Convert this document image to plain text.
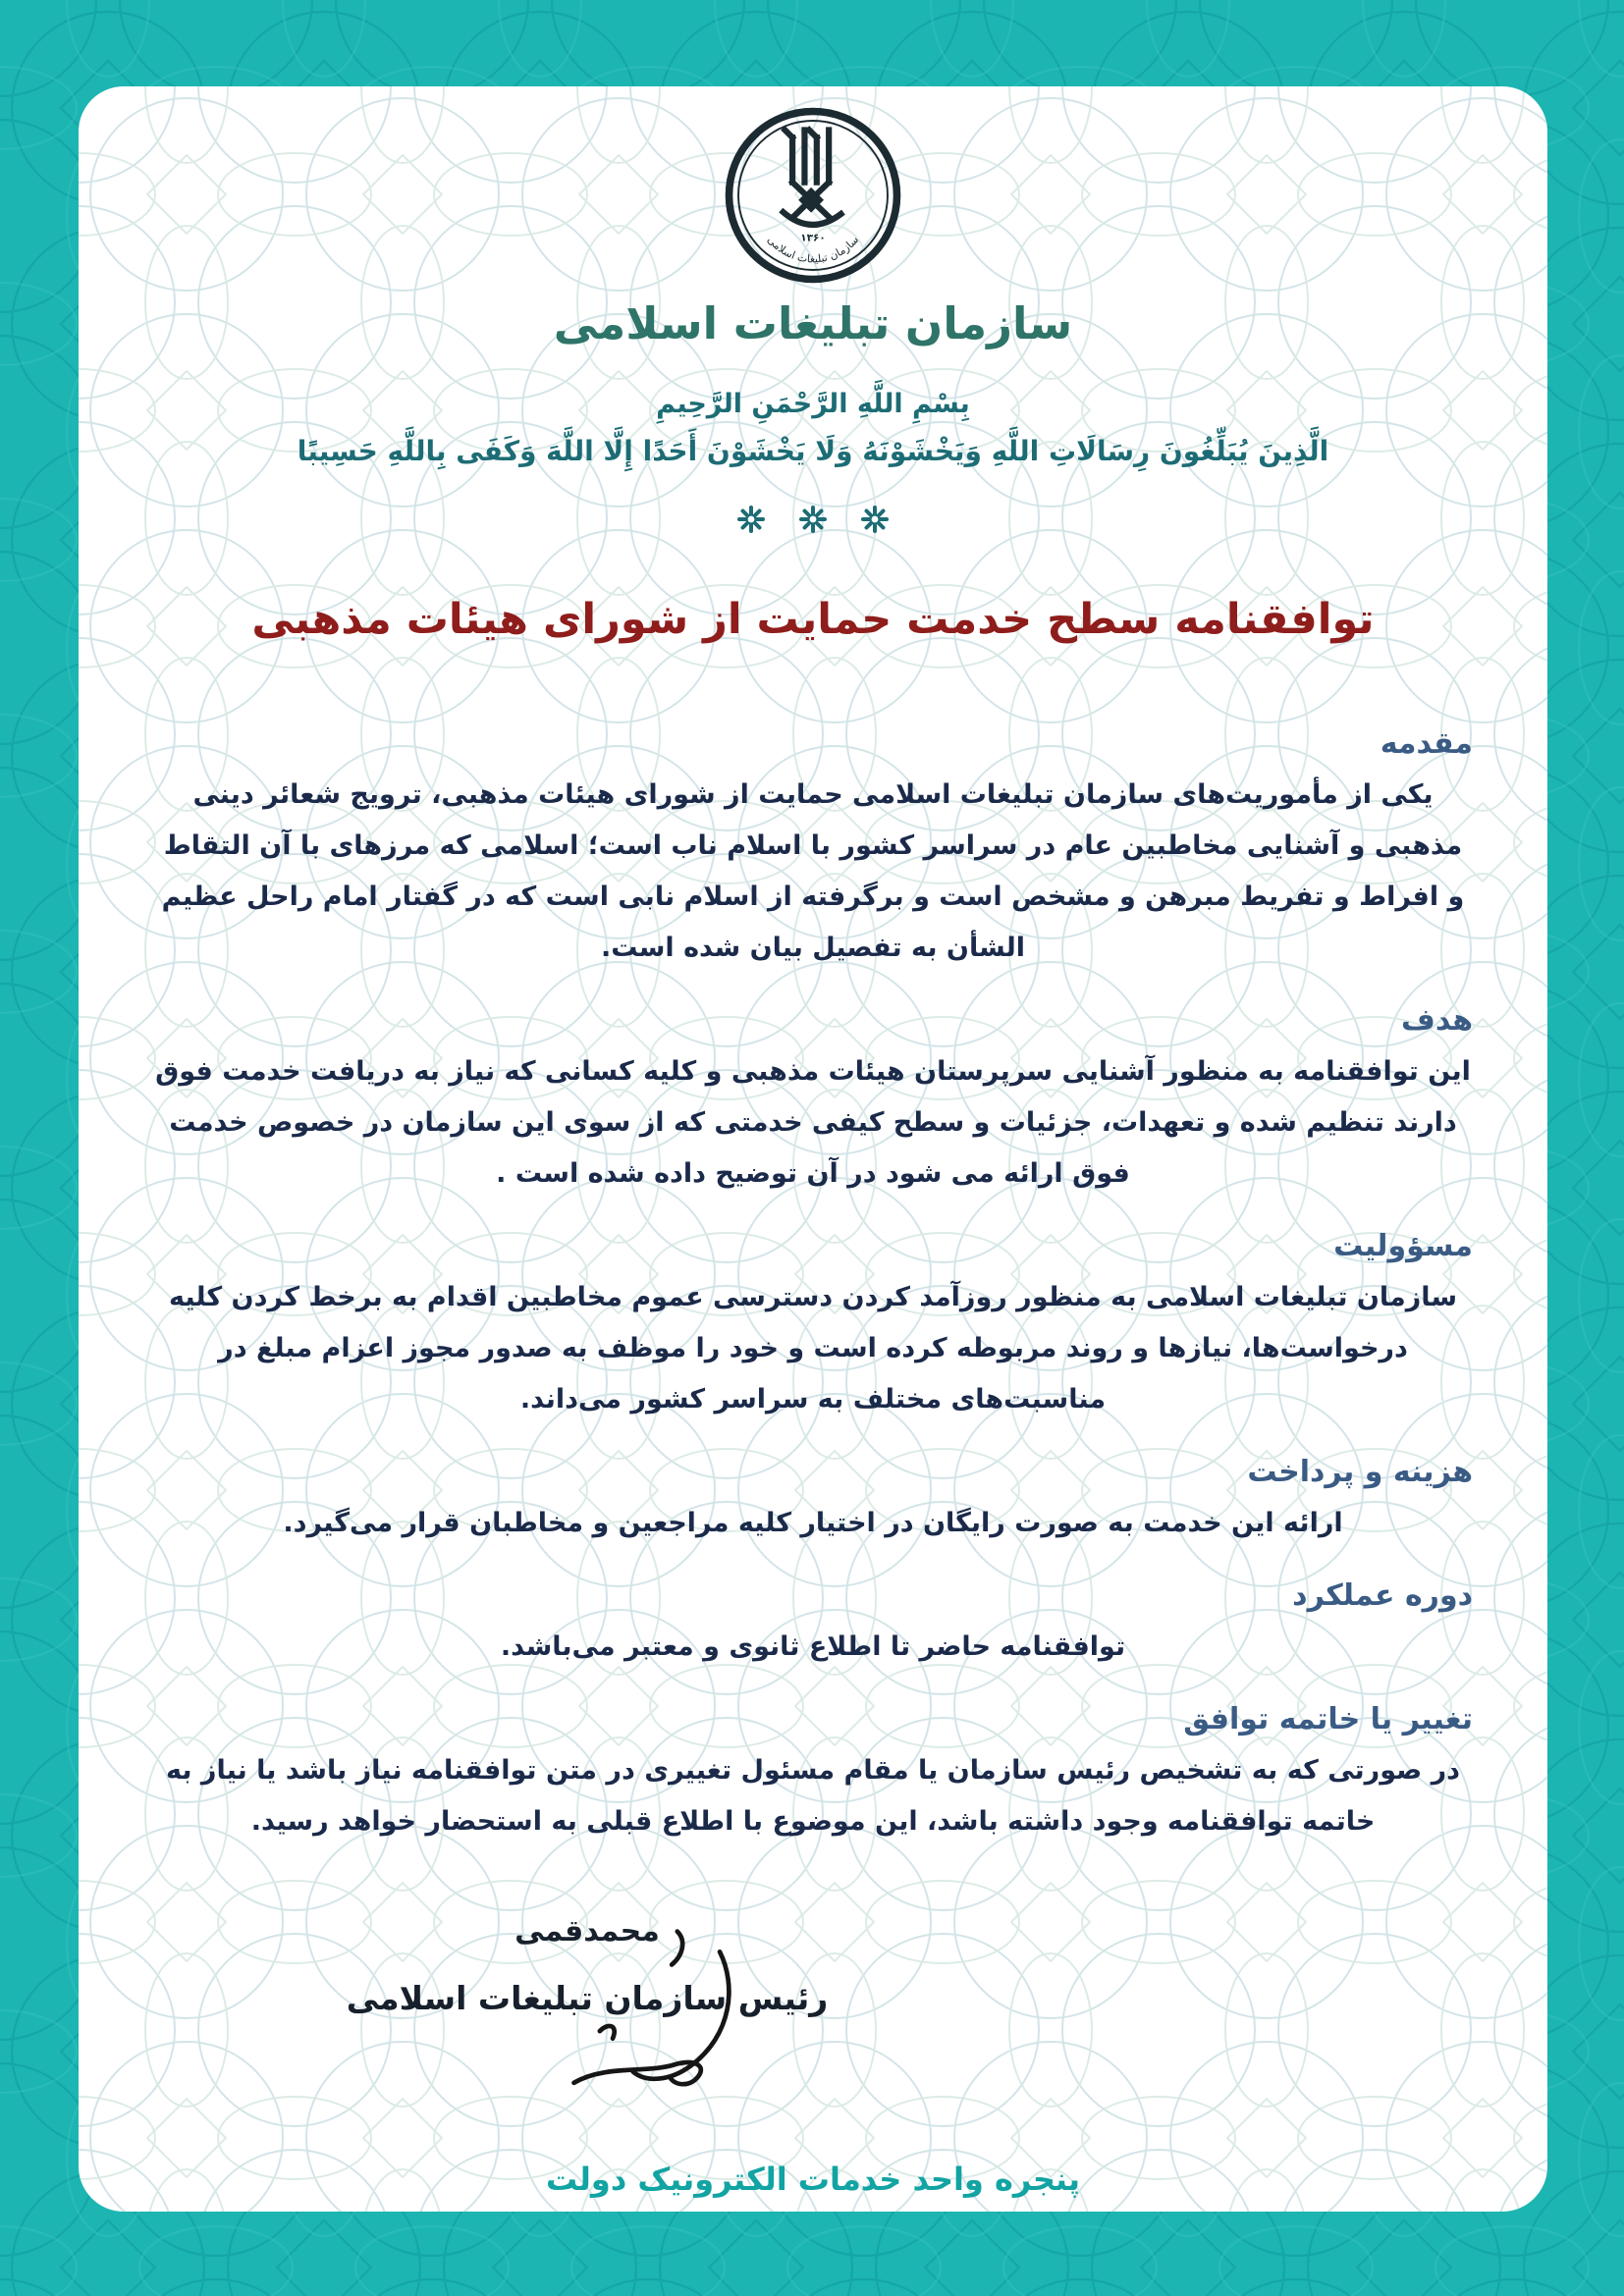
۱۳۶۰
سازمان تبلیغات اسلامی
سازمان تبلیغات اسلامی
بِسْمِ اللَّهِ الرَّحْمَنِ الرَّحِيمِ
الَّذِينَ يُبَلِّغُونَ رِسَالَاتِ اللَّهِ وَيَخْشَوْنَهُ وَلَا يَخْشَوْنَ أَحَدًا إِلَّا اللَّهَ وَكَفَى بِاللَّهِ حَسِيبًا

توافقنامه سطح خدمت حمایت از شورای هیئات مذهبی
مقدمه

یکی از مأموریت‌های سازمان تبلیغات اسلامی حمایت از شورای هیئات مذهبی، ترویج شعائر دینی مذهبی و آشنایی مخاطبین عام در سراسر کشور با اسلام ناب است؛ اسلامی که مرزهای با آن التقاط و افراط و تفریط مبرهن و مشخص است و برگرفته از اسلام نابی است که در گفتار امام راحل عظیم الشأن به تفصیل بیان شده است.

هدف

این توافقنامه به منظور آشنایی سرپرستان هیئات مذهبی و کلیه کسانی که نیاز به دریافت خدمت فوق دارند تنظیم شده و تعهدات، جزئیات و سطح کیفی خدمتی که از سوی این سازمان در خصوص خدمت فوق ارائه می شود در آن توضیح داده شده است .

مسؤولیت

سازمان تبلیغات اسلامی به منظور روزآمد کردن دسترسی عموم مخاطبین اقدام به برخط کردن کلیه درخواست‌ها، نیازها و روند مربوطه کرده است و خود را موظف به صدور مجوز اعزام مبلغ در مناسبت‌های مختلف به سراسر کشور می‌داند.

هزینه و پرداخت

ارائه این خدمت به صورت رایگان در اختیار کلیه مراجعین و مخاطبان قرار می‌گیرد.

دوره عملکرد

توافقنامه حاضر تا اطلاع ثانوی و معتبر می‌باشد.

تغییر یا خاتمه توافق

در صورتی که به تشخیص رئیس سازمان یا مقام مسئول تغییری در متن توافقنامه نیاز باشد یا نیاز به خاتمه توافقنامه وجود داشته باشد، این موضوع با اطلاع قبلی به استحضار خواهد رسید.

محمدقمی
رئیس سازمان تبلیغات اسلامی
پنجره واحد خدمات الکترونیک دولت
